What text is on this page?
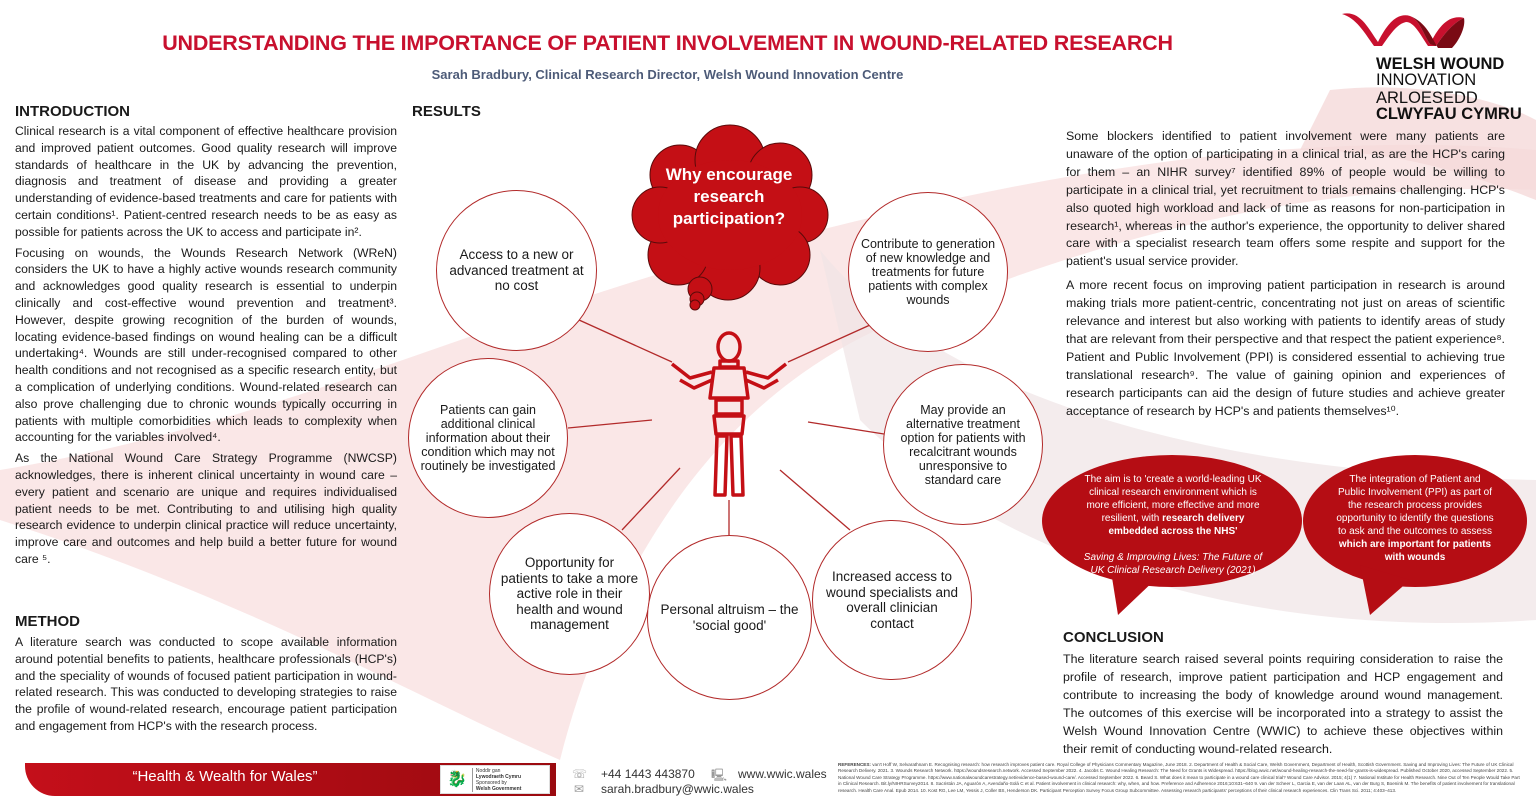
UNDERSTANDING THE IMPORTANCE OF PATIENT INVOLVEMENT IN WOUND-RELATED RESEARCH
Sarah Bradbury, Clinical Research Director, Welsh Wound Innovation Centre
WELSH WOUND
INNOVATION
ARLOESEDD
CLWYFAU CYMRU
INTRODUCTION

Clinical research is a vital component of effective healthcare provision and improved patient outcomes. Good quality research will improve standards of healthcare in the UK by advancing the prevention, diagnosis and treatment of disease and providing a greater understanding of evidence-based treatments and care for patients with certain conditions¹. Patient-centred research needs to be as easy as possible for patients across the UK to access and participate in².

Focusing on wounds, the Wounds Research Network (WReN) considers the UK to have a highly active wounds research community and acknowledges good quality research is essential to underpin clinically and cost-effective wound prevention and treatment³. However, despite growing recognition of the burden of wounds, locating evidence-based findings on wound healing can be a difficult undertaking⁴. Wounds are still under-recognised compared to other health conditions and not recognised as a specific research entity, but a complication of underlying conditions. Wound-related research can also prove challenging due to chronic wounds typically occurring in patients with multiple comorbidities which leads to complexity when accounting for the variables involved⁴.

As the National Wound Care Strategy Programme (NWCSP) acknowledges, there is inherent clinical uncertainty in wound care – every patient and scenario are unique and requires individualised patient needs to be met. Contributing to and utilising high quality research evidence to underpin clinical practice will reduce uncertainty, improve care and outcomes and help build a better future for wound care ⁵.

METHOD

A literature search was conducted to scope available information around potential benefits to patients, healthcare professionals (HCP's) and the speciality of wounds of focused patient participation in wound-related research. This was conducted to developing strategies to raise the profile of wound-related research, encourage patient participation and engagement from HCP's with the research process.

RESULTS
Why encourage research participation?
Access to a new or advanced treatment at no cost
Patients can gain additional clinical information about their condition which may not routinely be investigated
Opportunity for patients to take a more active role in their health and wound management
Personal altruism – the 'social good'
Increased access to wound specialists and overall clinician contact
May provide an alternative treatment option for patients with recalcitrant wounds unresponsive to standard care
Contribute to generation of new knowledge and treatments for future patients with complex wounds

Some blockers identified to patient involvement were many patients are unaware of the option of participating in a clinical trial, as are the HCP's caring for them – an NIHR survey⁷ identified 89% of people would be willing to participate in a clinical trial, yet recruitment to trials remains challenging. HCP's also quoted high workload and lack of time as reasons for non-participation in research¹, whereas in the author's experience, the opportunity to deliver shared care with a specialist research team offers some respite and support for the patient's usual service provider.

A more recent focus on improving patient participation in research is around making trials more patient-centric, concentrating not just on areas of scientific relevance and interest but also working with patients to identify areas of study that are relevant from their perspective and that respect the patient experience⁸. Patient and Public Involvement (PPI) is considered essential to achieving true translational research⁹. The value of gaining opinion and experiences of research participants can aid the design of future studies and achieve greater acceptance of research by HCP's and patients themselves¹⁰.

The aim is to 'create a world-leading UK clinical research environment which is more efficient, more effective and more resilient, with research delivery embedded across the NHS'
Saving & Improving Lives: The Future of UK Clinical Research Delivery (2021)
The integration of Patient and Public Involvement (PPI) as part of the research process provides opportunity to identify the questions to ask and the outcomes to assess which are important for patients with wounds
CONCLUSION
The literature search raised several points requiring consideration to raise the profile of research, improve patient participation and HCP engagement and contribute to increasing the body of knowledge around wound management. The outcomes of this exercise will be incorporated into a strategy to assist the Welsh Wound Innovation Centre (WWIC) to achieve these objectives within their remit of conducting wound-related research.
“Health & Wealth for Wales”	🐉 Noddir gan
Lywodraeth Cymru
Sponsored by
Welsh Government
☏ +44 1443 443870 🖳 www.wwic.wales
✉ sarah.bradbury@wwic.wales
REFERENCES: van't Hoff W, Selvarathnam E. Recognising research: how research improves patient care. Royal College of Physicians Commentary Magazine, June 2018. 2. Department of Health & Social Care, Welsh Government, Department of Health, Scottish Government. Saving and Improving Lives: The Future of UK Clinical Research Delivery. 2021. 3. Wounds Research Network. https://woundsresearch.network. Accessed September 2022. 4. Jacobs C. Wound Healing Research: The Need for Grants is Widespread. https://blog.wwic.net/wound-healing-research-the-need-for-grants-is-widespread. Published October 2020, accessed September 2022. 5. National Wound Care Strategy Programme. https://www.nationalwoundcarestrategy.net/evidence-based-wound-care/. Accessed September 2022. 6. Beard S. What does it mean to participate in a wound care clinical trial? Wound Care Advisor. 2015; 4(1) 7. National Institute for Health Research. Nine Out of Ten People Would Take Part in Clinical Research. Bit.ly/NIHRSurvey2014. 8. Sacristán JA, Aguarón A, Avendaño-Solá C et al. Patient involvement in clinical research: why, when, and how. Preference and Adherence 2016;10:631–640 9. van der Scheer L, Garcia E, van der Laan AL, van der Burg S, Boenink M. The benefits of patient involvement for translational research. Health Care Anal. Epub 2014. 10. Kost RG, Lee LM, Yessis J, Coller BS, Henderson DK. Participant Perception Survey Focus Group Subcommittee. Assessing research participants' perceptions of their clinical research experiences. Clin Trans Sci. 2011; 4:403–413.
